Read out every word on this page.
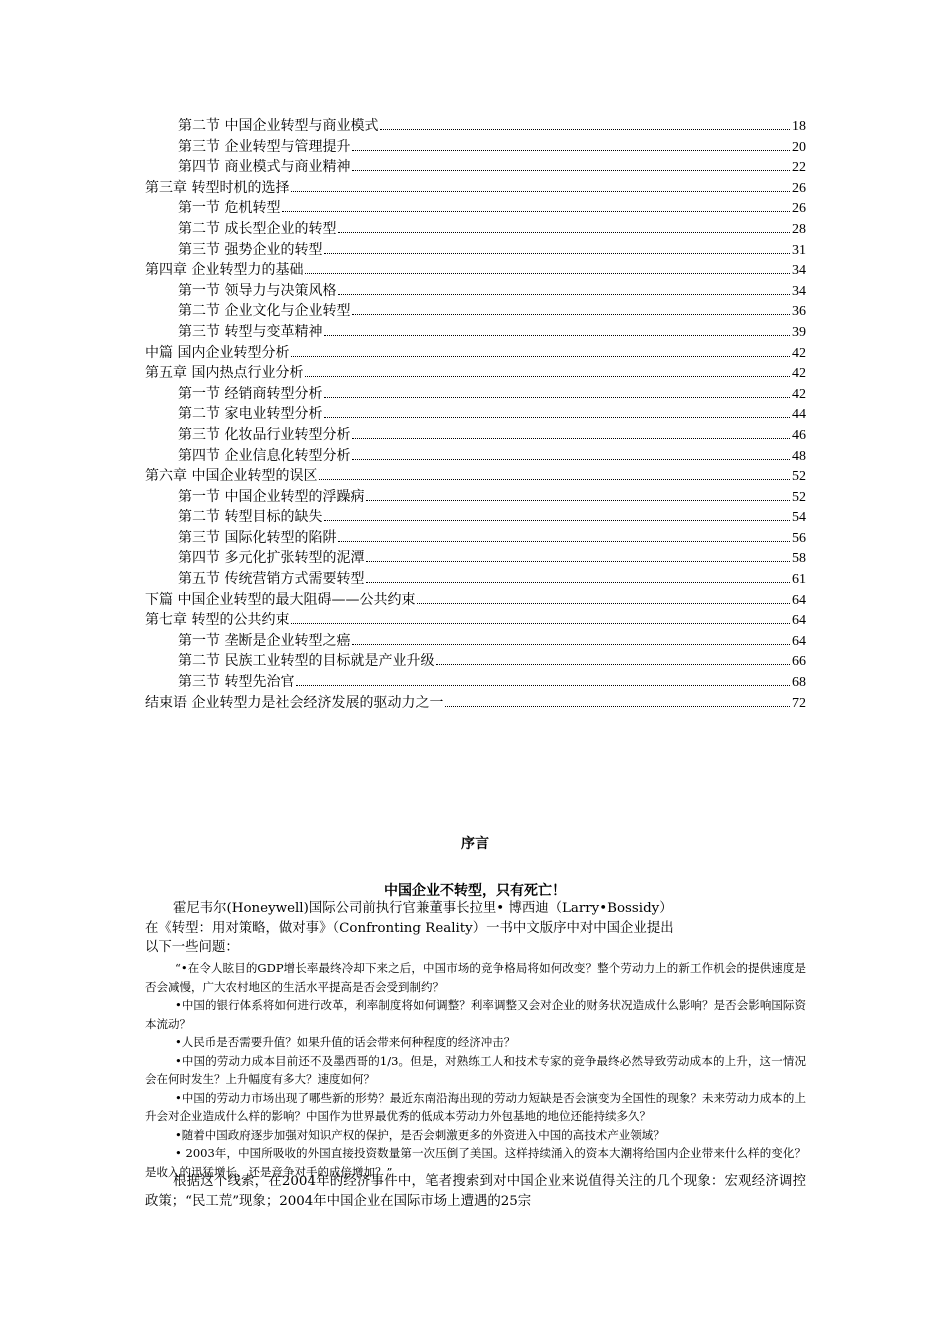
第二节 中国企业转型与商业模式	18
第三节 企业转型与管理提升	20
第四节 商业模式与商业精神	22
第三章 转型时机的选择	26
第一节 危机转型	26
第二节 成长型企业的转型	28
第三节 强势企业的转型	31
第四章 企业转型力的基础	34
第一节 领导力与决策风格	34
第二节 企业文化与企业转型	36
第三节 转型与变革精神	39
中篇 国内企业转型分析	42
第五章 国内热点行业分析	42
第一节 经销商转型分析	42
第二节 家电业转型分析	44
第三节 化妆品行业转型分析	46
第四节 企业信息化转型分析	48
第六章 中国企业转型的误区	52
第一节 中国企业转型的浮躁病	52
第二节 转型目标的缺失	54
第三节 国际化转型的陷阱	56
第四节 多元化扩张转型的泥潭	58
第五节 传统营销方式需要转型	61
下篇 中国企业转型的最大阻碍——公共约束	64
第七章 转型的公共约束	64
第一节 垄断是企业转型之癌	64
第二节 民族工业转型的目标就是产业升级	66
第三节 转型先治官	68
结束语 企业转型力是社会经济发展的驱动力之一	72
序言
中国企业不转型，只有死亡！
霍尼韦尔(Honeywell)国际公司前执行官兼董事长拉里• 博西迪（Larry•Bossidy）
在《转型：用对策略，做对事》（Confronting Reality）一书中文版序中对中国企业提出
以下一些问题：

“•在令人眩目的GDP增长率最终冷却下来之后，中国市场的竞争格局将如何改变？整个劳动力上的新工作机会的提供速度是否会减慢，广大农村地区的生活水平提高是否会受到制约？

•中国的银行体系将如何进行改革，利率制度将如何调整？利率调整又会对企业的财务状况造成什么影响？是否会影响国际资本流动？

•人民币是否需要升值？如果升值的话会带来何种程度的经济冲击？

•中国的劳动力成本目前还不及墨西哥的1/3。但是，对熟练工人和技术专家的竞争最终必然导致劳动成本的上升，这一情况会在何时发生？上升幅度有多大？速度如何？

•中国的劳动力市场出现了哪些新的形势？最近东南沿海出现的劳动力短缺是否会演变为全国性的现象？未来劳动力成本的上升会对企业造成什么样的影响？中国作为世界最优秀的低成本劳动力外包基地的地位还能持续多久？

•随着中国政府逐步加强对知识产权的保护，是否会刺激更多的外资进入中国的高技术产业领域？

• 2003年，中国所吸收的外国直接投资数量第一次压倒了美国。这样持续涌入的资本大潮将给国内企业带来什么样的变化？是收入的迅猛增长，还是竞争对手的成倍增加？”

根据这个线索，在2004年的经济事件中，笔者搜索到对中国企业来说值得关注的几个现象：宏观经济调控政策；“民工荒”现象；2004年中国企业在国际市场上遭遇的25宗
